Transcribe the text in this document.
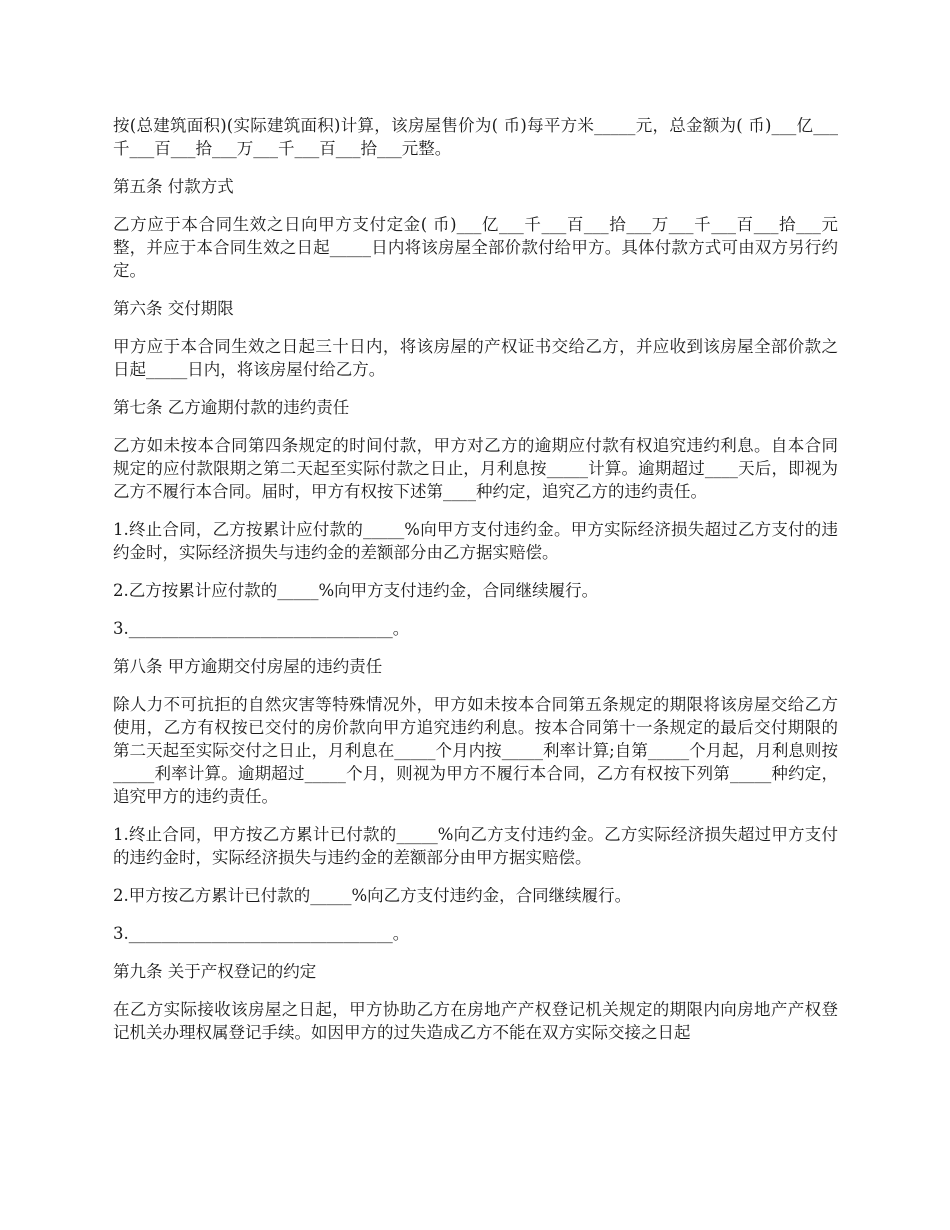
按(总建筑面积)(实际建筑面积)计算，该房屋售价为( 币)每平方米_____元，总金额为( 币)___亿___千___百___拾___万___千___百___拾___元整。

第五条 付款方式

乙方应于本合同生效之日向甲方支付定金( 币)___亿___千___百___拾___万___千___百___拾___元整，并应于本合同生效之日起_____日内将该房屋全部价款付给甲方。具体付款方式可由双方另行约定。

第六条 交付期限

甲方应于本合同生效之日起三十日内，将该房屋的产权证书交给乙方，并应收到该房屋全部价款之日起_____日内，将该房屋付给乙方。

第七条 乙方逾期付款的违约责任

乙方如未按本合同第四条规定的时间付款，甲方对乙方的逾期应付款有权追究违约利息。自本合同规定的应付款限期之第二天起至实际付款之日止，月利息按_____计算。逾期超过____天后，即视为乙方不履行本合同。届时，甲方有权按下述第____种约定，追究乙方的违约责任。

1.终止合同，乙方按累计应付款的_____%向甲方支付违约金。甲方实际经济损失超过乙方支付的违约金时，实际经济损失与违约金的差额部分由乙方据实赔偿。

2.乙方按累计应付款的_____%向甲方支付违约金，合同继续履行。

3.________________________________。

第八条 甲方逾期交付房屋的违约责任

除人力不可抗拒的自然灾害等特殊情况外，甲方如未按本合同第五条规定的期限将该房屋交给乙方使用，乙方有权按已交付的房价款向甲方追究违约利息。按本合同第十一条规定的最后交付期限的第二天起至实际交付之日止，月利息在_____个月内按_____利率计算;自第_____个月起，月利息则按_____利率计算。逾期超过_____个月，则视为甲方不履行本合同，乙方有权按下列第_____种约定，追究甲方的违约责任。

1.终止合同，甲方按乙方累计已付款的_____%向乙方支付违约金。乙方实际经济损失超过甲方支付的违约金时，实际经济损失与违约金的差额部分由甲方据实赔偿。

2.甲方按乙方累计已付款的_____%向乙方支付违约金，合同继续履行。

3.________________________________。

第九条 关于产权登记的约定

在乙方实际接收该房屋之日起，甲方协助乙方在房地产产权登记机关规定的期限内向房地产产权登记机关办理权属登记手续。如因甲方的过失造成乙方不能在双方实际交接之日起
